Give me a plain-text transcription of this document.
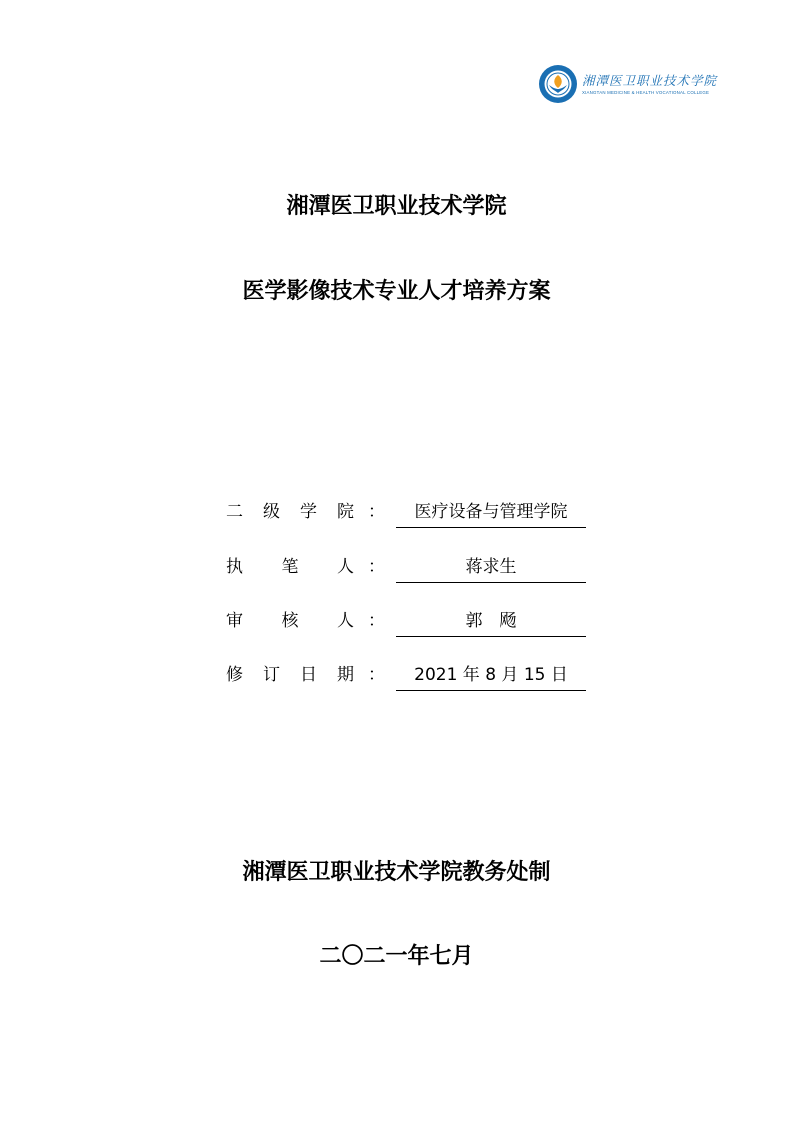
湘潭医卫职业技术学院
XIANGTAN MEDICINE & HEALTH VOCATIONAL COLLEGE
湘潭医卫职业技术学院
医学影像技术专业人才培养方案
二 级 学 院 ：	医疗设备与管理学院
执 笔 人 ：	蒋求生
审 核 人 ：	郭　飏
修 订 日 期 ：	2021 年 8 月 15 日
湘潭医卫职业技术学院教务处制
二〇二一年七月
